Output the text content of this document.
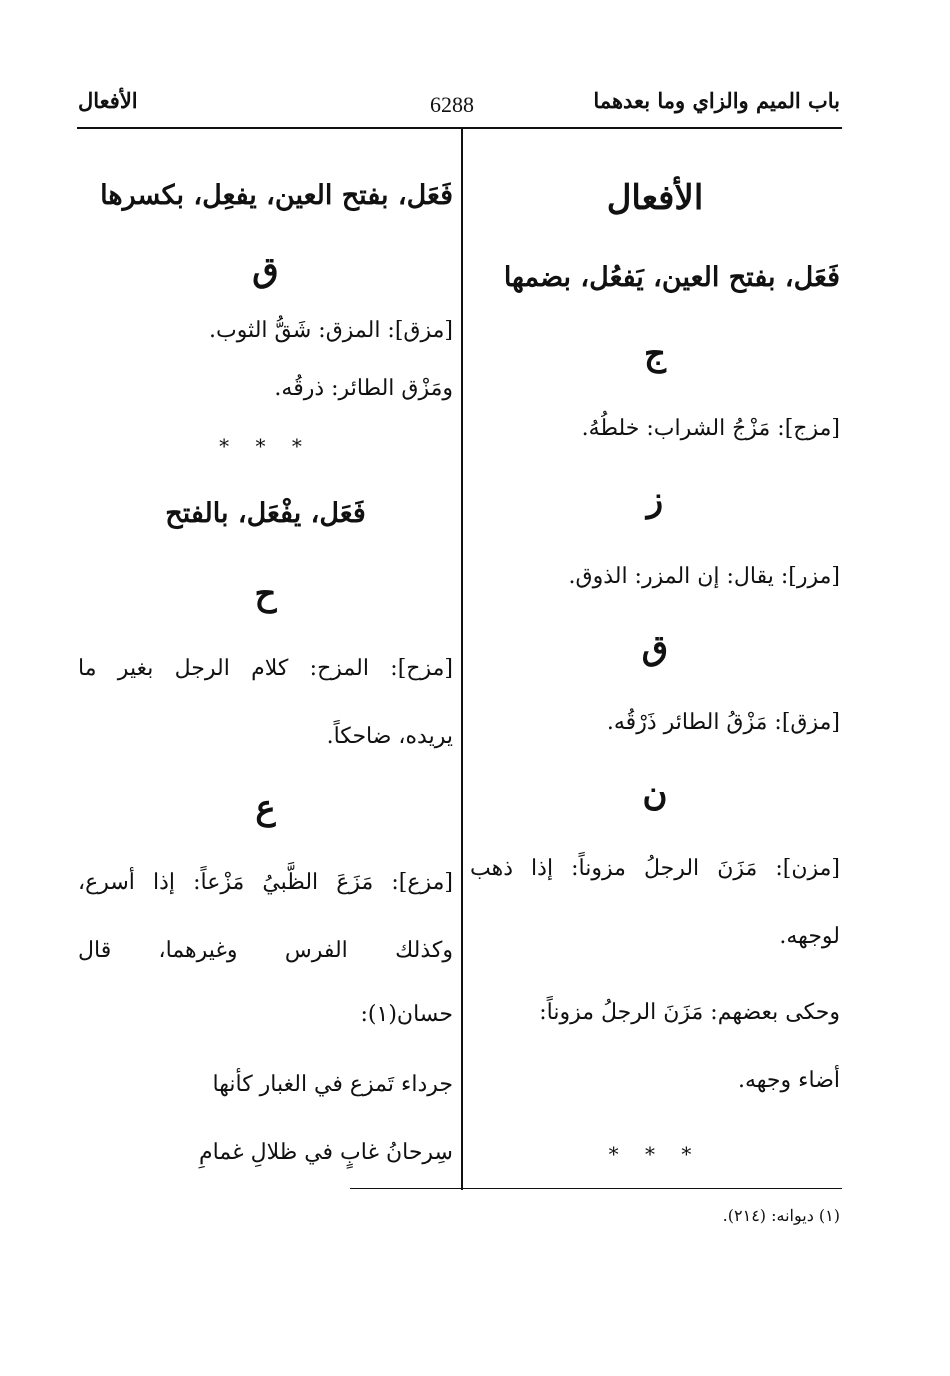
باب الميم والزاي وما بعدهما
6288
الأفعال
الأفعال
فَعَل، بفتح العين، يَفعُل، بضمها
ج
[مزج]: مَزْجُ الشراب: خلطُهُ.
ز
[مزر]: يقال: إن المزر: الذوق.
ق
[مزق]: مَزْقُ الطائر ذَرْقُه.
ن
[مزن]: مَزَنَ الرجلُ مزوناً: إذا ذهب
لوجهه.
وحكى بعضهم: مَزَنَ الرجلُ مزوناً:
أضاء وجهه.
* * *
فَعَل، بفتح العين، يفعِل، بكسرها
ق
[مزق]: المزق: شَقُّ الثوب.
ومَزْق الطائر: ذرقُه.
* * *
فَعَل، يفْعَل، بالفتح
ح
[مزح]: المزح: كلام الرجل بغير ما
يريده، ضاحكاً.
ع
[مزع]: مَزَعَ الظَّبيُ مَزْعاً: إذا أسرع،
وكذلك الفرس وغيرهما، قال
حسان(١):
جرداء تَمزع في الغبار كأنها
سِرحانُ غابٍ في ظلالِ غمامِ
(١) ديوانه: (٢١٤).
